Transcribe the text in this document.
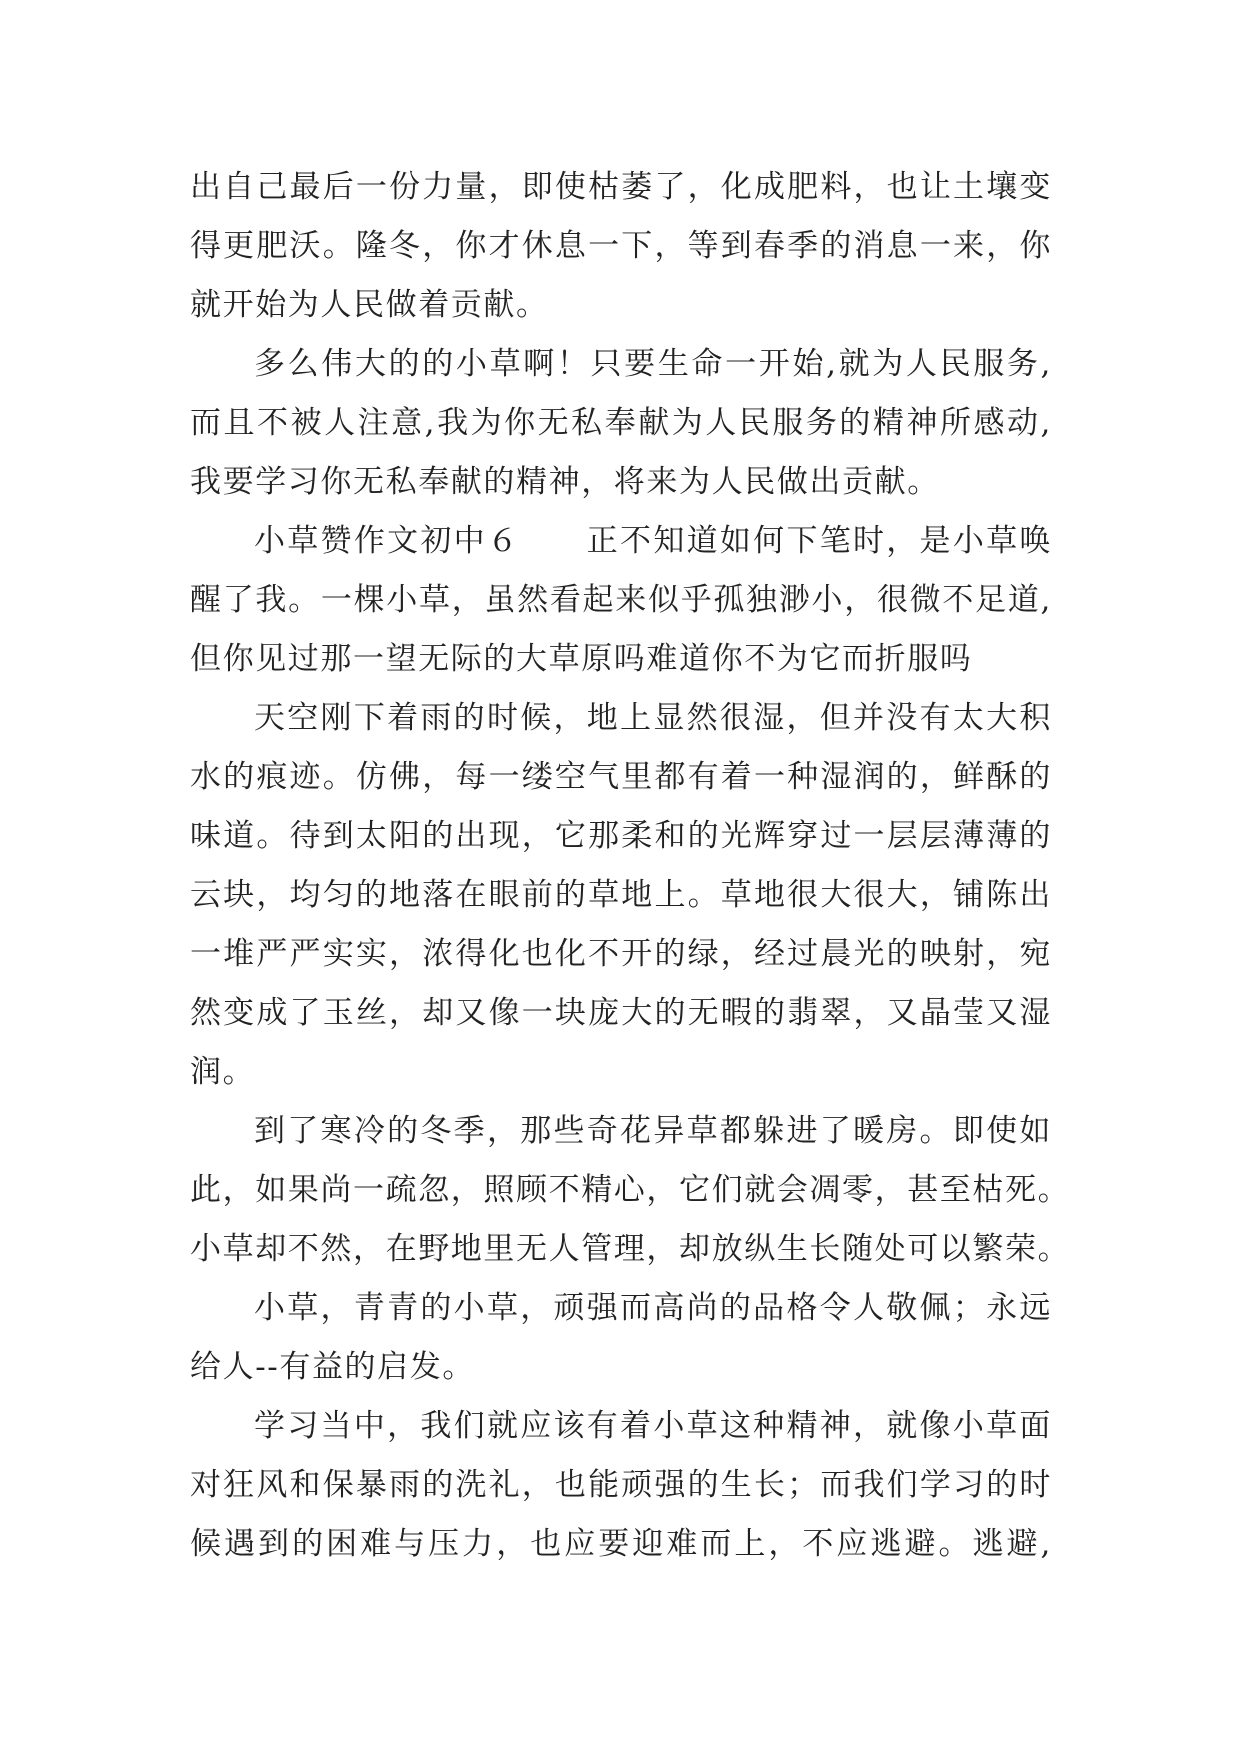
出自己最后一份力量，即使枯萎了，化成肥料，也让土壤变
得更肥沃。隆冬，你才休息一下，等到春季的消息一来，你
就开始为人民做着贡献。
多么伟大的的小草啊！只要生命一开始,就为人民服务,
而且不被人注意,我为你无私奉献为人民服务的精神所感动,
我要学习你无私奉献的精神，将来为人民做出贡献。
小草赞作文初中６　　正不知道如何下笔时，是小草唤
醒了我。一棵小草，虽然看起来似乎孤独渺小，很微不足道,
但你见过那一望无际的大草原吗难道你不为它而折服吗
天空刚下着雨的时候，地上显然很湿，但并没有太大积
水的痕迹。仿佛，每一缕空气里都有着一种湿润的，鲜酥的
味道。待到太阳的出现，它那柔和的光辉穿过一层层薄薄的
云块，均匀的地落在眼前的草地上。草地很大很大，铺陈出
一堆严严实实，浓得化也化不开的绿，经过晨光的映射，宛
然变成了玉丝，却又像一块庞大的无暇的翡翠，又晶莹又湿
润。
到了寒冷的冬季，那些奇花异草都躲进了暖房。即使如
此，如果尚一疏忽，照顾不精心，它们就会凋零，甚至枯死。
小草却不然，在野地里无人管理，却放纵生长随处可以繁荣。
小草，青青的小草，顽强而高尚的品格令人敬佩；永远
给人--有益的启发。
学习当中，我们就应该有着小草这种精神，就像小草面
对狂风和保暴雨的洗礼，也能顽强的生长；而我们学习的时
候遇到的困难与压力，也应要迎难而上，不应逃避。逃避,
